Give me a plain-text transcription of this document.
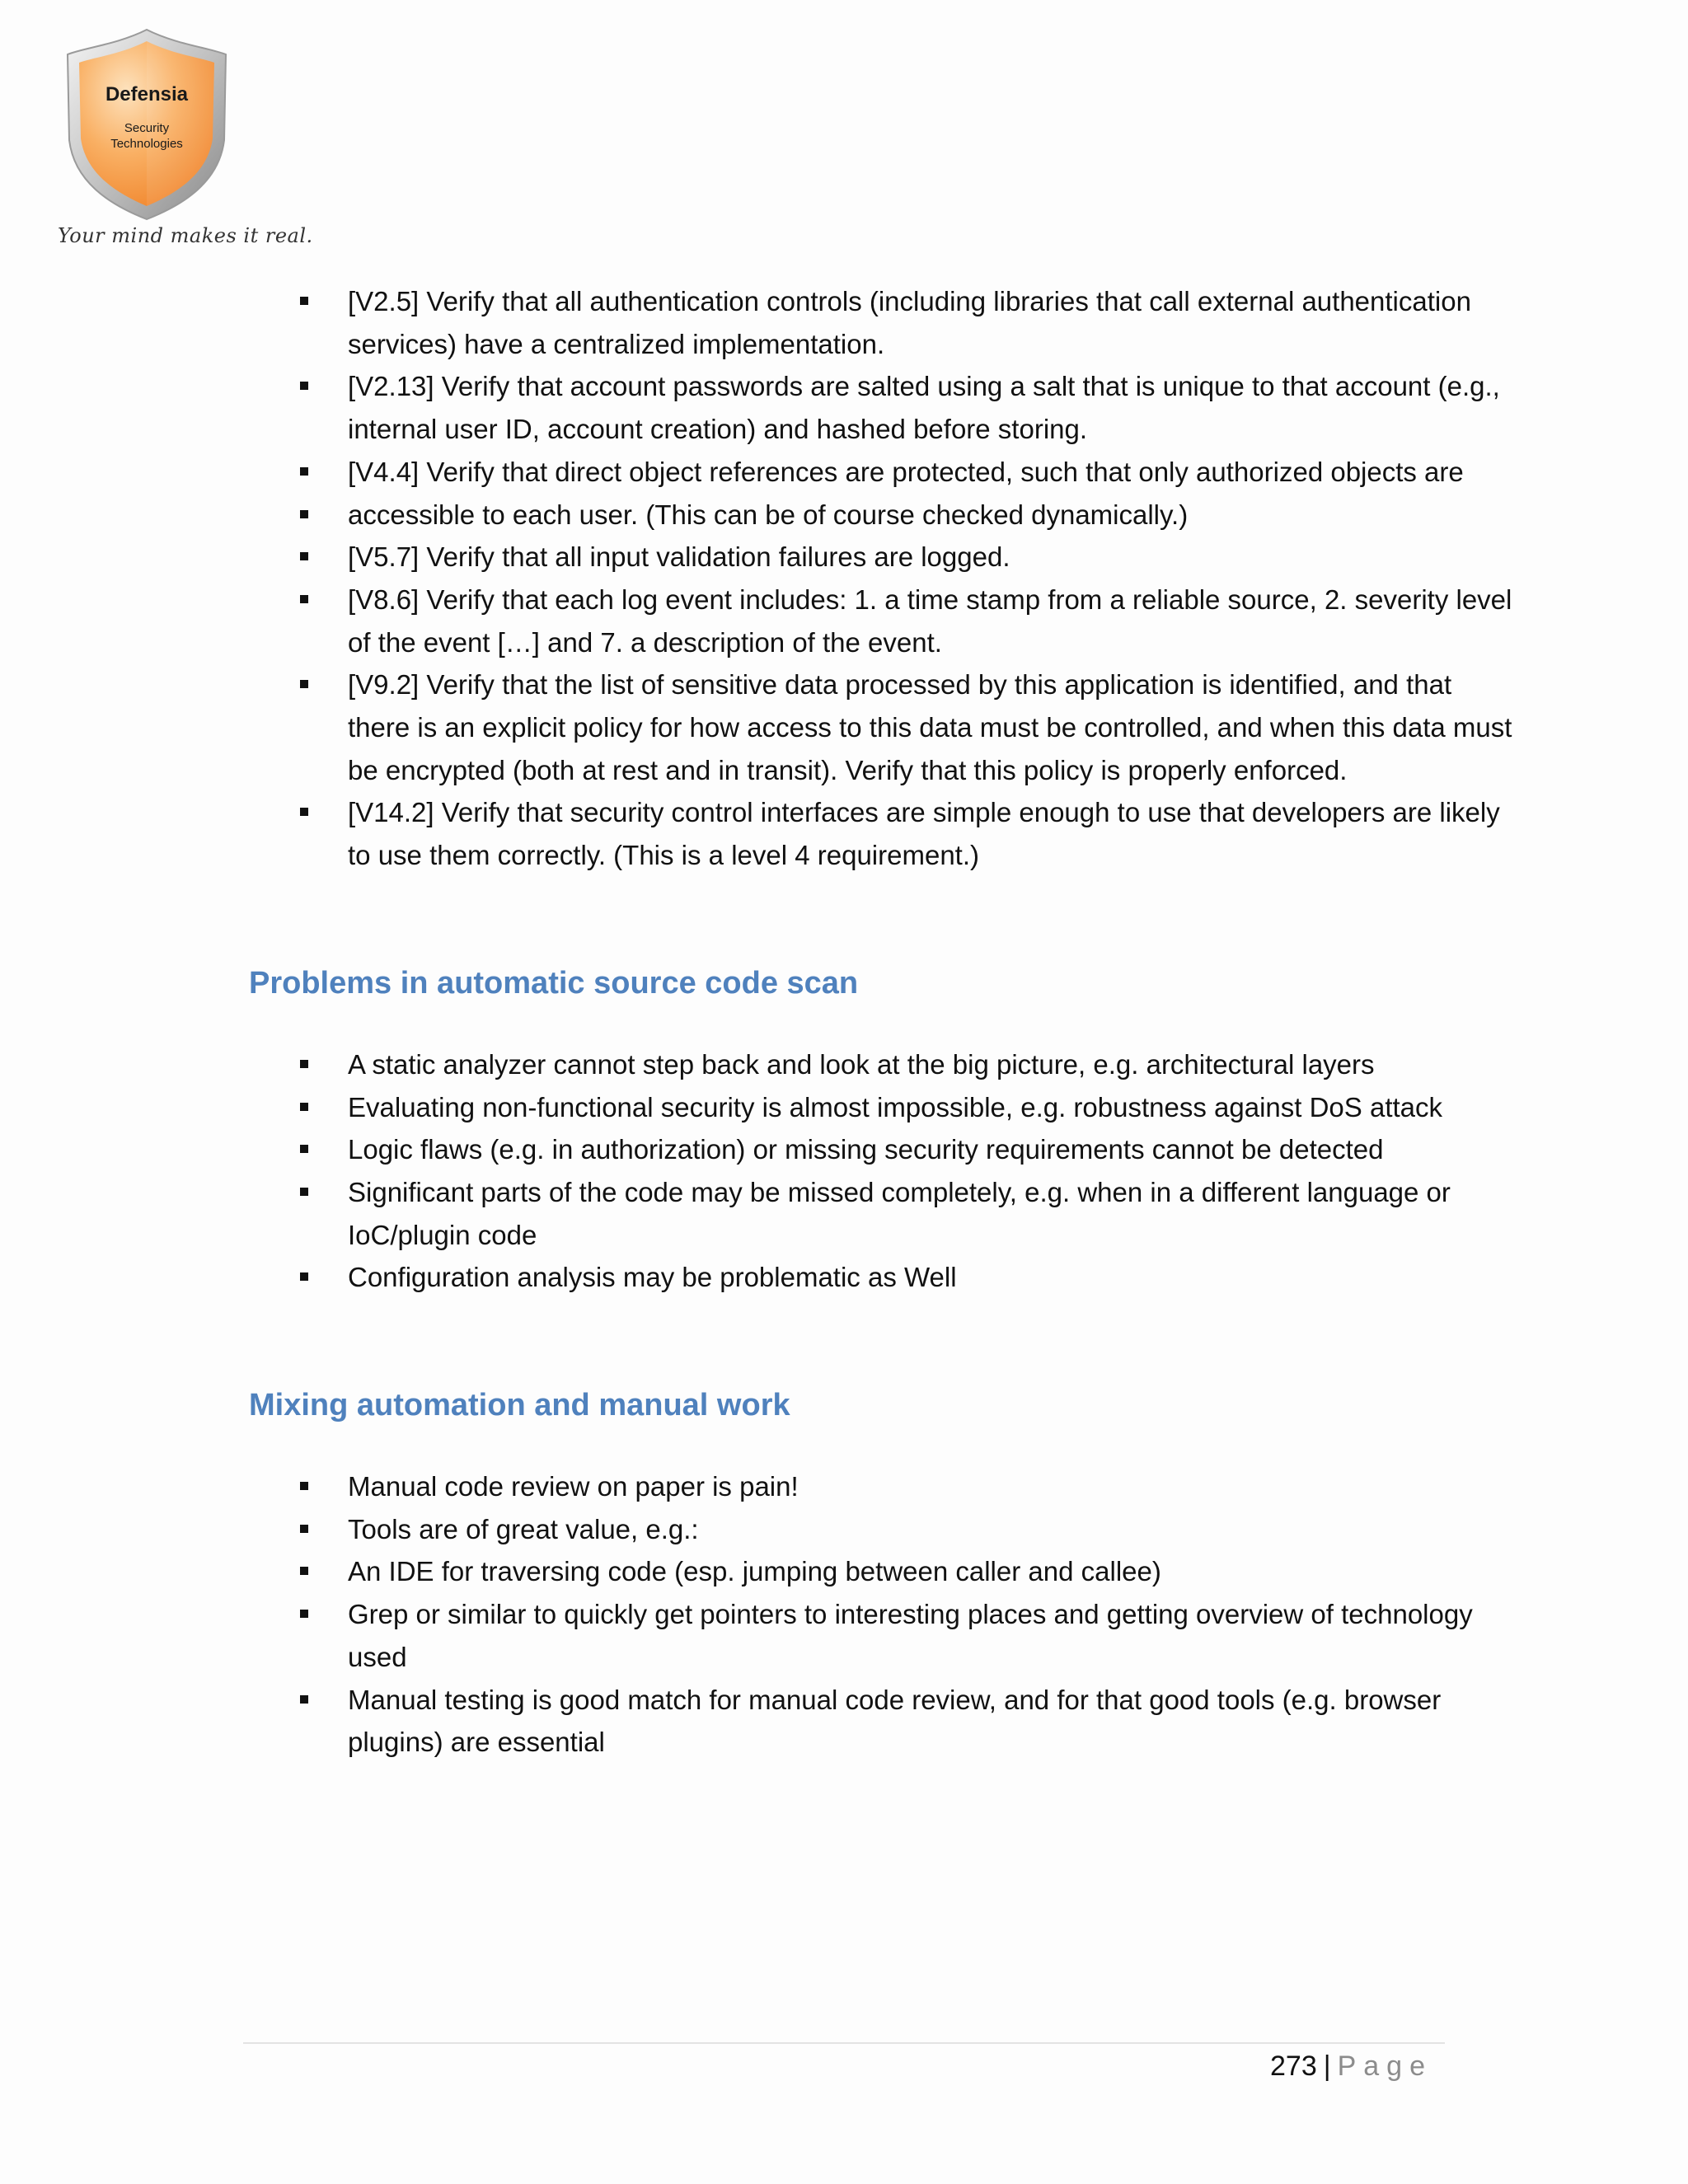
Defensia
Security
Technologies
Your mind makes it real.
[V2.5] Verify that all authentication controls (including libraries that call external authentication services) have a centralized implementation.
[V2.13] Verify that account passwords are salted using a salt that is unique to that account (e.g., internal user ID, account creation) and hashed before storing.
[V4.4] Verify that direct object references are protected, such that only authorized objects are
accessible to each user. (This can be of course checked dynamically.)
[V5.7] Verify that all input validation failures are logged.
[V8.6] Verify that each log event includes: 1. a time stamp from a reliable source, 2. severity level of the event […] and 7. a description of the event.
[V9.2] Verify that the list of sensitive data processed by this application is identified, and that there is an explicit policy for how access to this data must be controlled, and when this data must be encrypted (both at rest and in transit). Verify that this policy is properly enforced.
[V14.2] Verify that security control interfaces are simple enough to use that developers are likely to use them correctly. (This is a level 4 requirement.)
Problems in automatic source code scan
A static analyzer cannot step back and look at the big picture, e.g. architectural layers
Evaluating non-functional security is almost impossible, e.g. robustness against DoS attack
Logic flaws (e.g. in authorization) or missing security requirements cannot be detected
Significant parts of the code may be missed completely, e.g. when in a different language or IoC/plugin code
Configuration analysis may be problematic as Well
Mixing automation and manual work
Manual code review on paper is pain!
Tools are of great value, e.g.:
An IDE for traversing code (esp. jumping between caller and callee)
Grep or similar to quickly get pointers to interesting places and getting overview of technology used
Manual testing is good match for manual code review, and for that good tools (e.g. browser plugins) are essential
273 | Page
